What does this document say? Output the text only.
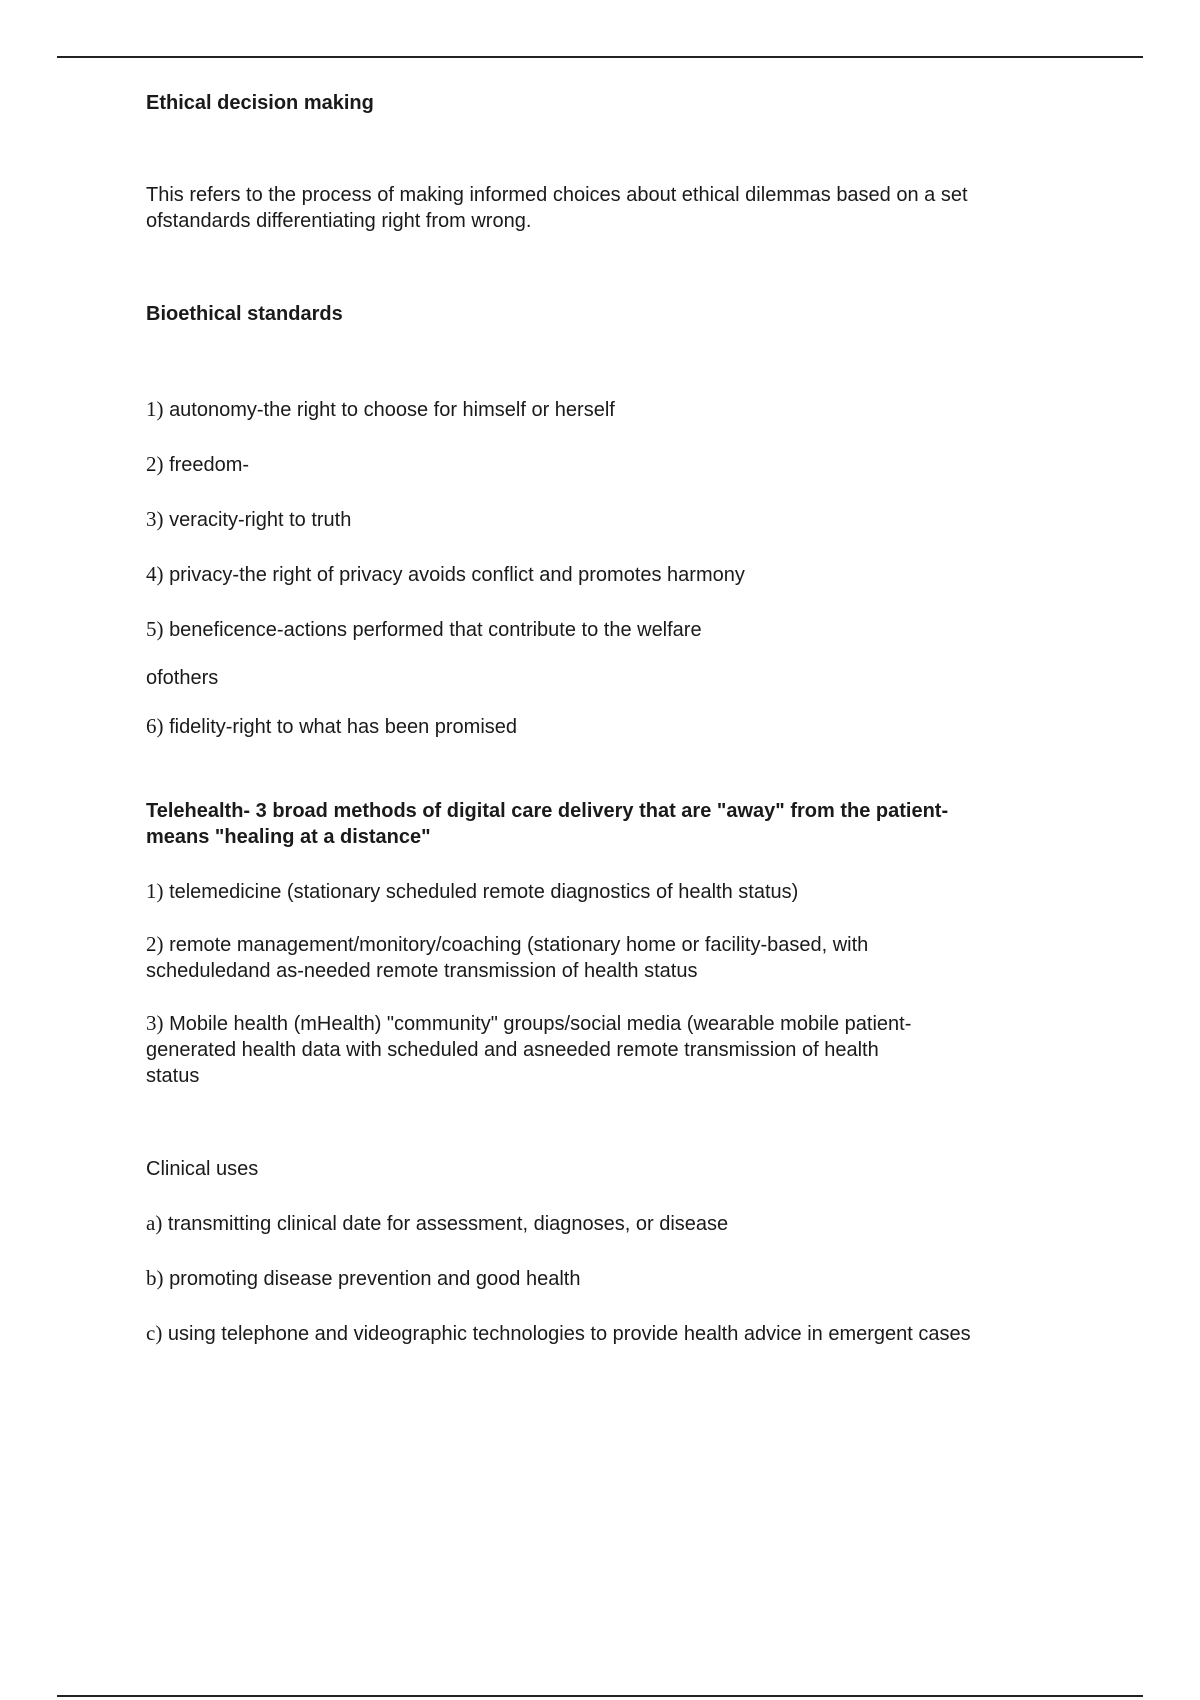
Ethical decision making

This refers to the process of making informed choices about ethical dilemmas based on a set ofstandards differentiating right from wrong.

Bioethical standards

1) autonomy-the right to choose for himself or herself

2) freedom-

3) veracity-right to truth

4) privacy-the right of privacy avoids conflict and promotes harmony

5) beneficence-actions performed that contribute to the welfare

ofothers

6) fidelity-right to what has been promised

Telehealth- 3 broad methods of digital care delivery that are "away" from the patient-
means "healing at a distance"

1) telemedicine (stationary scheduled remote diagnostics of health status)

2) remote management/monitory/coaching (stationary home or facility-based, with
scheduledand as-needed remote transmission of health status

3) Mobile health (mHealth) "community" groups/social media (wearable mobile patient-
generated health data with scheduled and asneeded remote transmission of health
status

Clinical uses

a) transmitting clinical date for assessment, diagnoses, or disease

b) promoting disease prevention and good health

c) using telephone and videographic technologies to provide health advice in emergent cases
